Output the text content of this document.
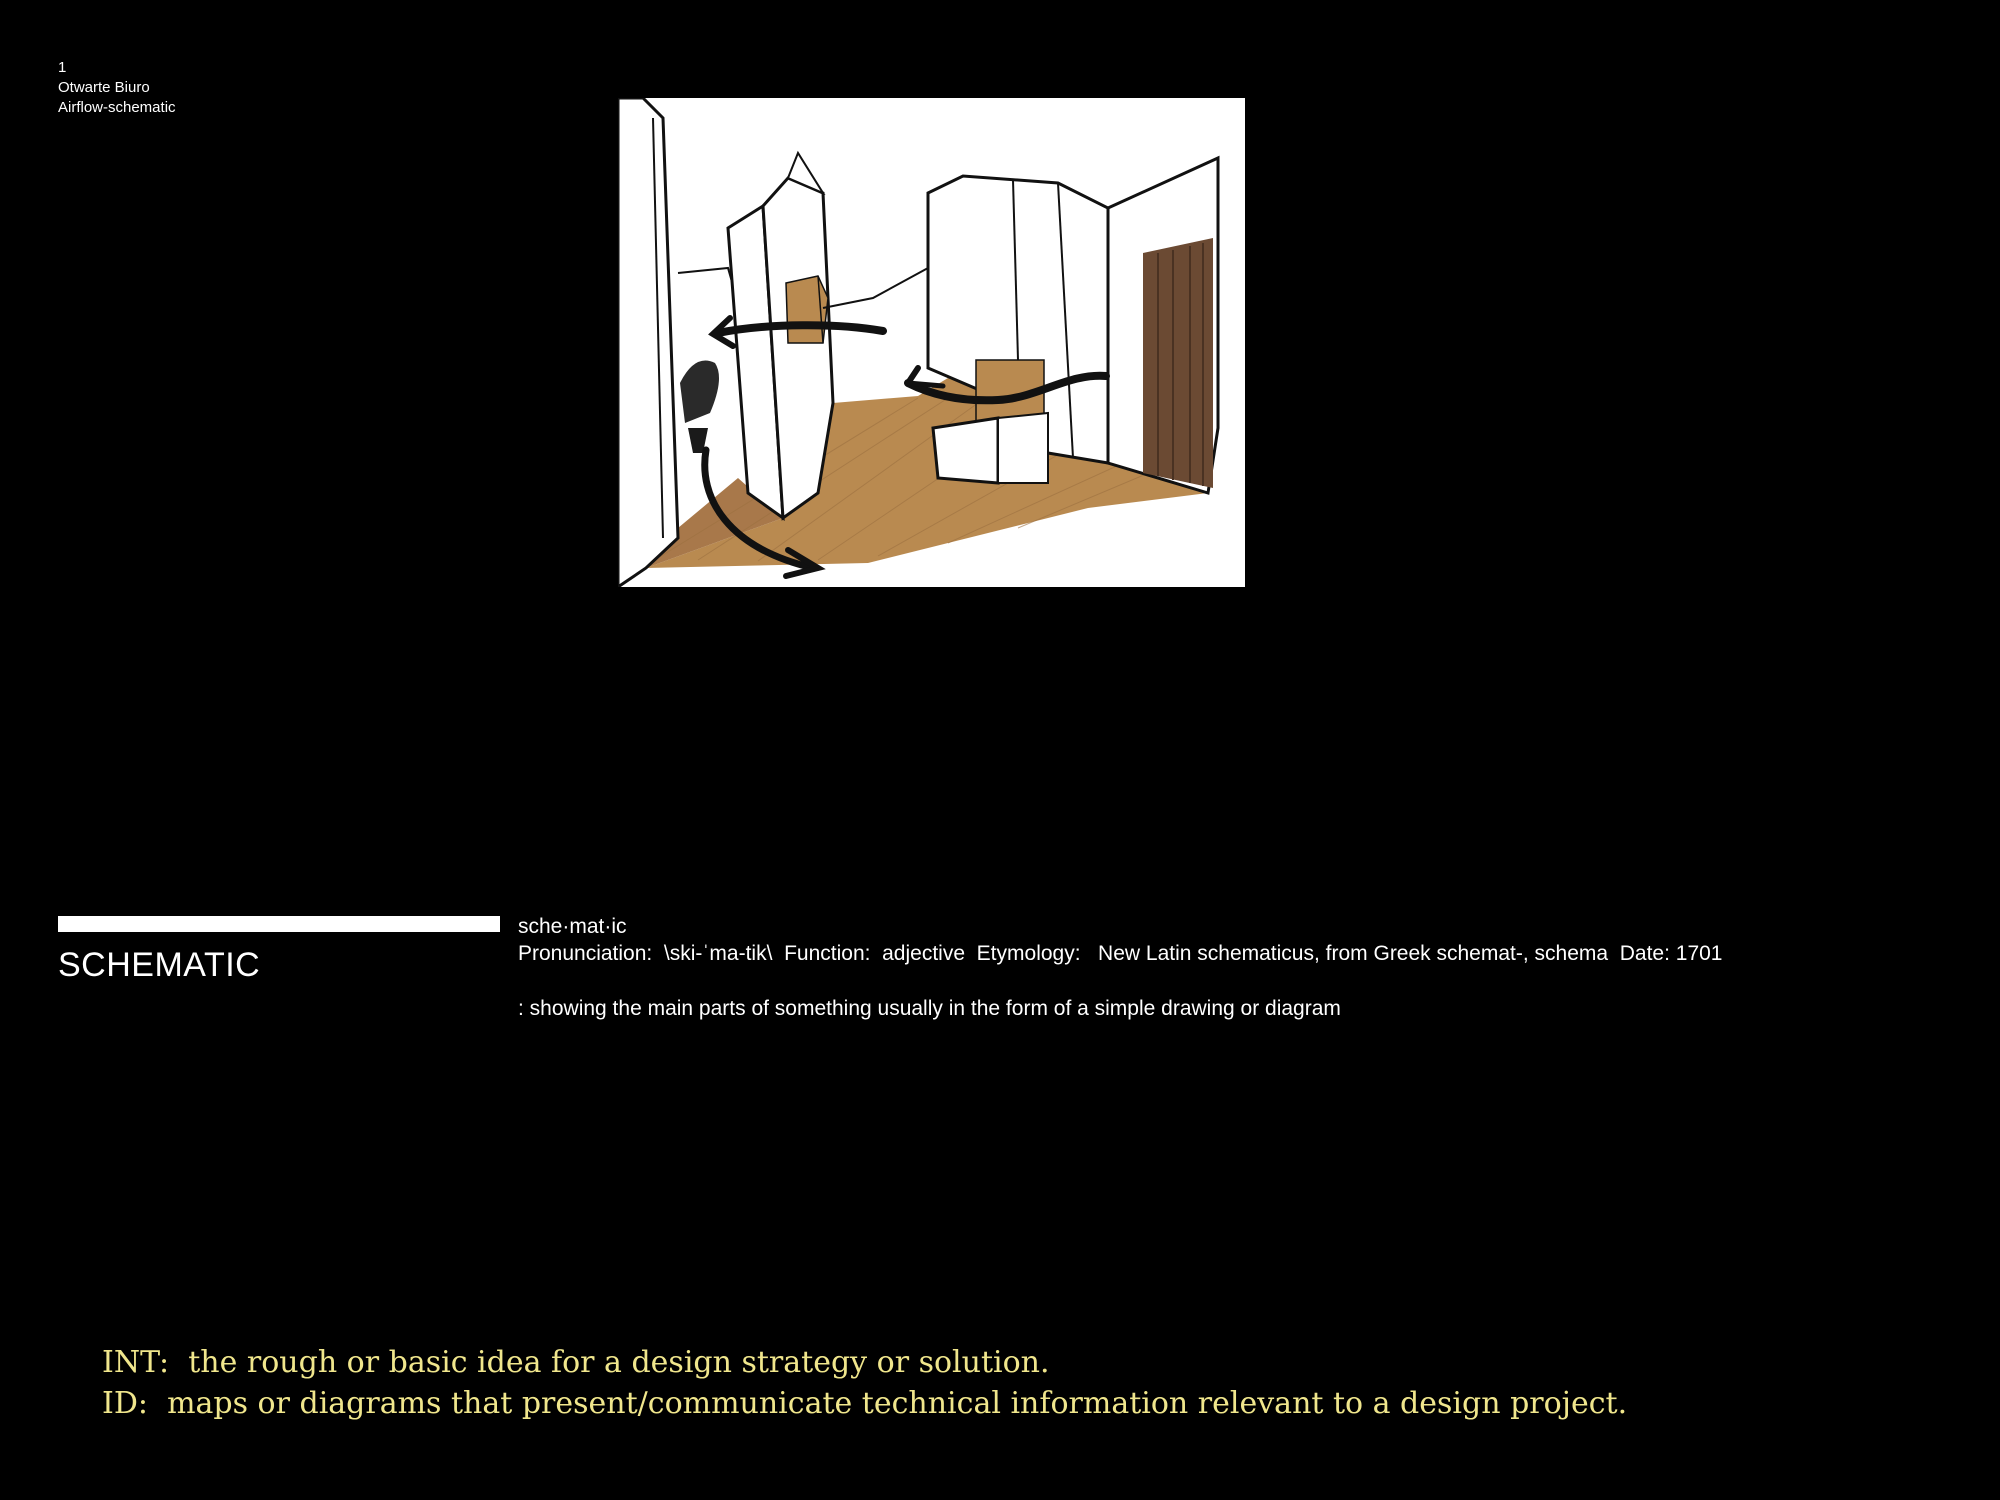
1
Otwarte Biuro
Airflow-schematic
SCHEMATIC
sche·mat·ic
Pronunciation:  \ski-ˈma-tik\  Function:  adjective  Etymology:   New Latin schematicus, from Greek schemat-, schema  Date: 1701
: showing the main parts of something usually in the form of a simple drawing or diagram
INT:  the rough or basic idea for a design strategy or solution.
ID:  maps or diagrams that present/communicate technical information relevant to a design project.
